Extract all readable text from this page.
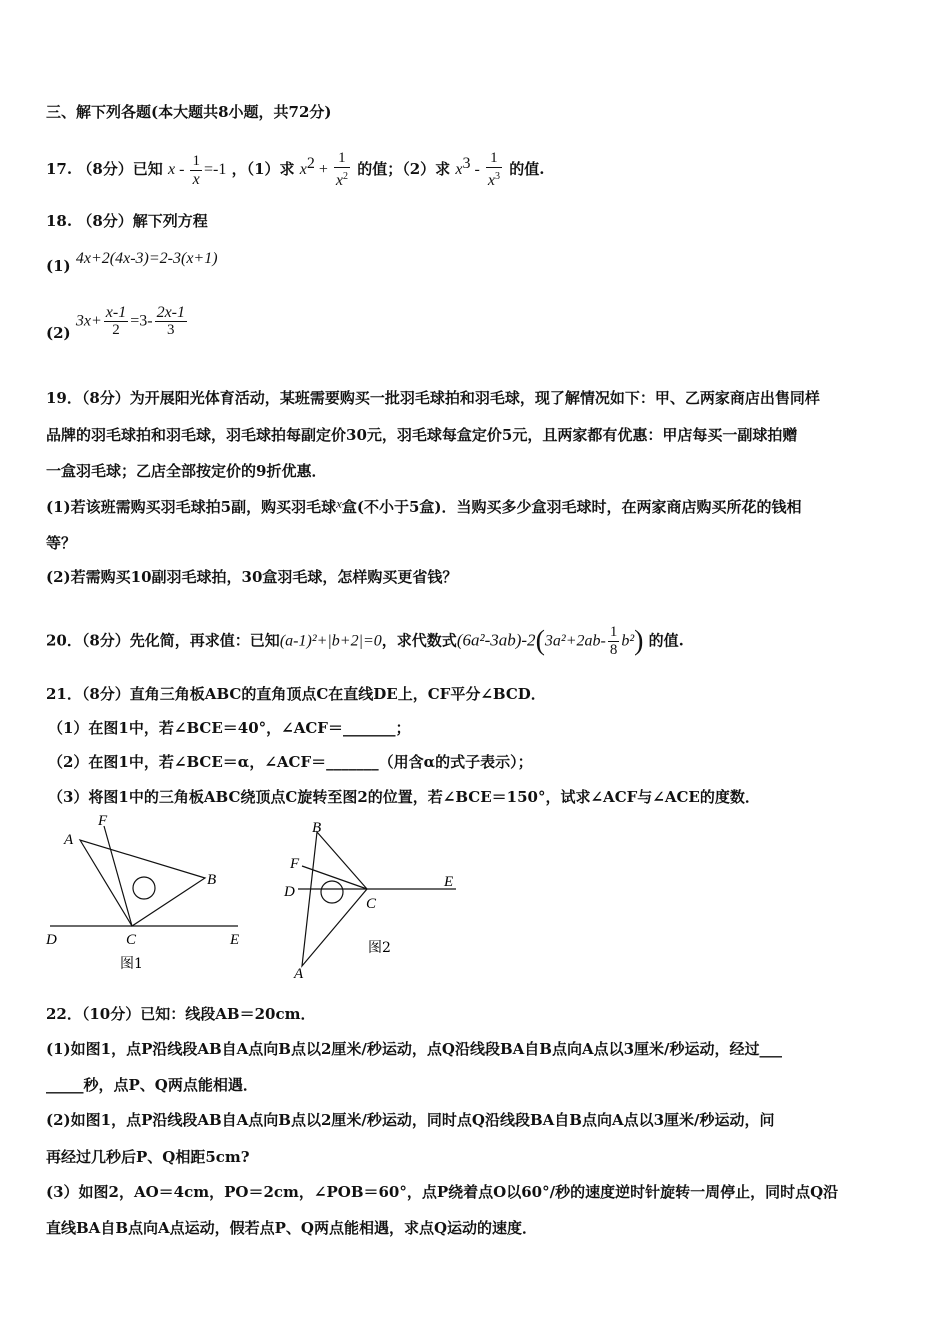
三、解下列各题(本大题共8小题，共72分)
17. （8分）已知 $x - \frac{1}{x} =-1$ ，（1）求 $x^2 + \frac{1}{x^2}$ 的值；（2）求 $x^3 - \frac{1}{x^3}$ 的值.
18. （8分）解下列方程
(1) 4x+2(4x-3)=2-3(x+1)
(2) $3x+ \frac{x-1}{2} =3- \frac{2x-1}{3}$
19．（8分）为开展阳光体育活动，某班需要购买一批羽毛球拍和羽毛球，现了解情况如下：甲、乙两家商店出售同样
品牌的羽毛球拍和羽毛球，羽毛球拍每副定价30元，羽毛球每盒定价5元，且两家都有优惠：甲店每买一副球拍赠
一盒羽毛球；乙店全部按定价的9折优惠．
(1)若该班需购买羽毛球拍5副，购买羽毛球x盒(不小于5盒)．当购买多少盒羽毛球时，在两家商店购买所花的钱相
等？
(2)若需购买10副羽毛球拍，30盒羽毛球，怎样购买更省钱？
20．（8分）先化简，再求值：已知(a-1)²+|b+2|=0，求代数式$(6a^2-3ab)-2(3a^2+2ab- \frac{1}{8} b^2)$ 的值.
21．（8分）直角三角板ABC的直角顶点C在直线DE上，CF平分∠BCD．
（1）在图1中，若∠BCE＝40°，∠ACF＝_______；
（2）在图1中，若∠BCE＝α，∠ACF＝_______（用含α的式子表示）；
（3）将图1中的三角板ABC绕顶点C旋转至图2的位置，若∠BCE＝150°，试求∠ACF与∠ACE的度数．
A
F
B
C
D	E
图1
B
F
D
C
E
A
图2
22．（10分）已知：线段AB＝20cm．
(1)如图1，点P沿线段AB自A点向B点以2厘米/秒运动，点Q沿线段BA自B点向A点以3厘米/秒运动，经过___
_____秒，点P、Q两点能相遇．
(2)如图1，点P沿线段AB自A点向B点以2厘米/秒运动，同时点Q沿线段BA自B点向A点以3厘米/秒运动，问
再经过几秒后P、Q相距5cm?
(3）如图2，AO＝4cm，PO＝2cm，∠POB＝60°，点P绕着点O以60°/秒的速度逆时针旋转一周停止，同时点Q沿
直线BA自B点向A点运动，假若点P、Q两点能相遇，求点Q运动的速度．
